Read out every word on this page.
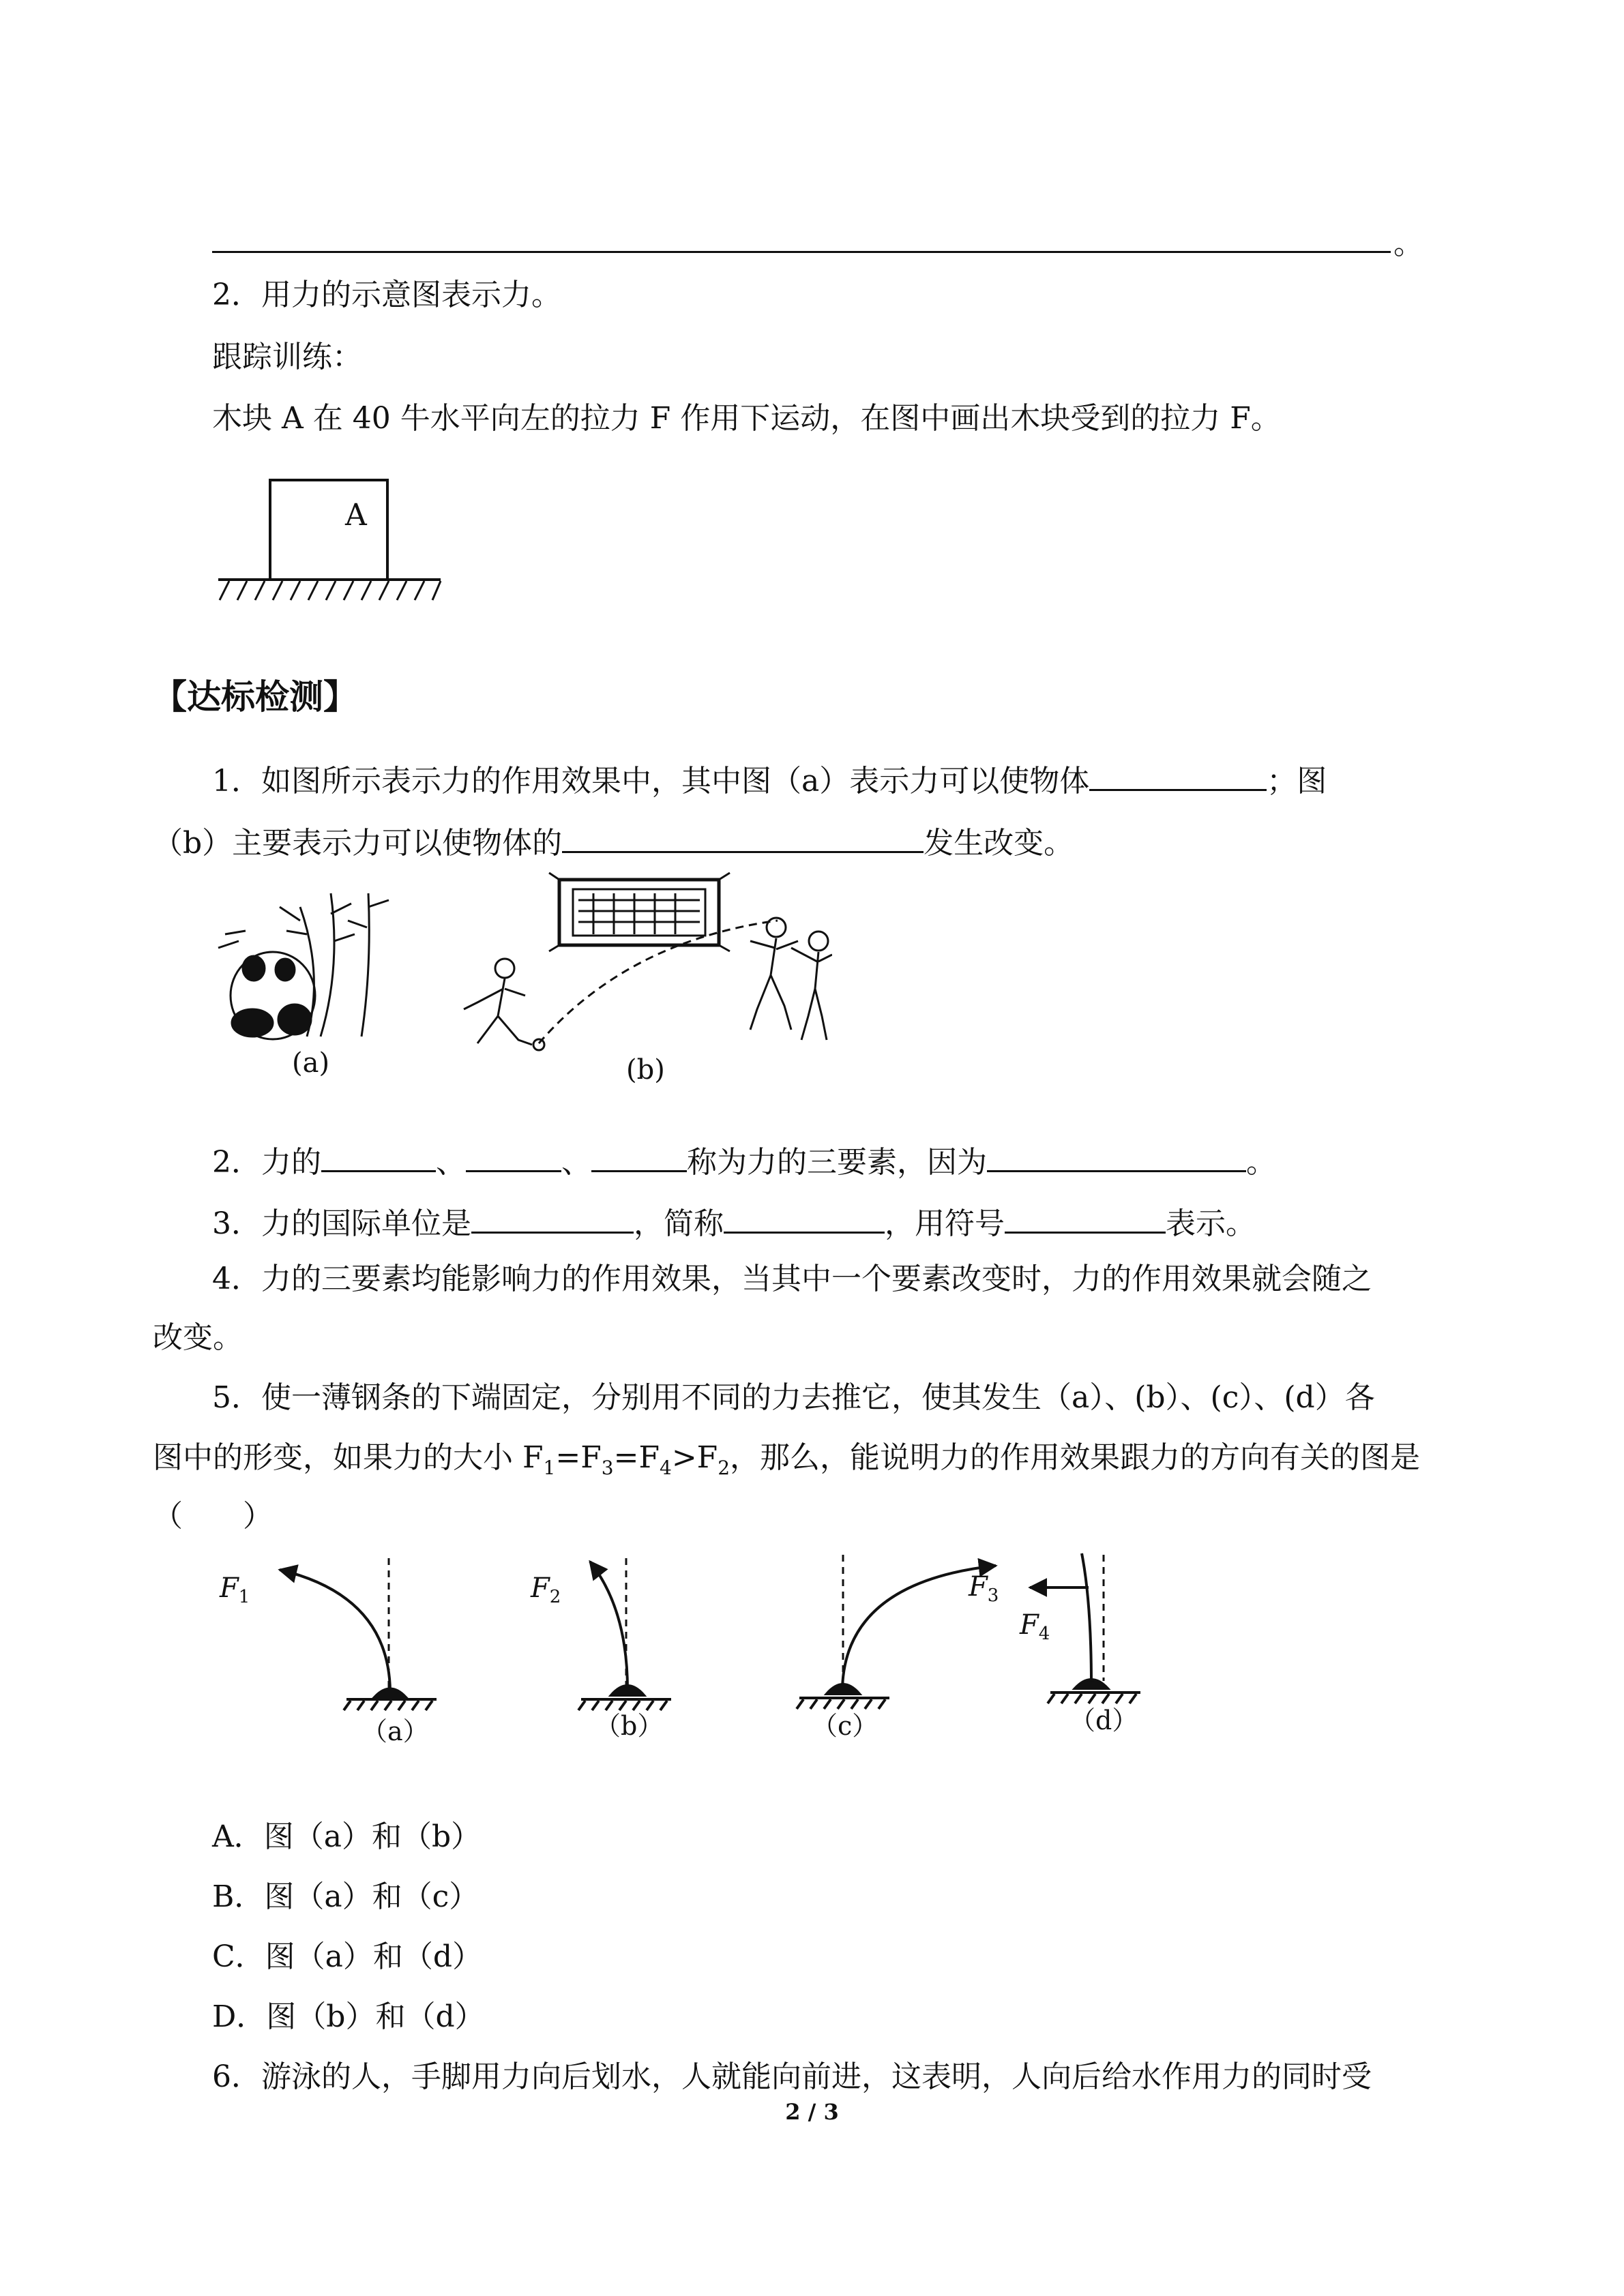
。
2．用力的示意图表示力。
跟踪训练：
木块 A 在 40 牛水平向左的拉力 F 作用下运动，在图中画出木块受到的拉力 F。
A
【达标检测】
1．如图所示表示力的作用效果中，其中图（a）表示力可以使物体	；图
（b）主要表示力可以使物体的	发生改变。
(a)	(b)
2．力的	、	、	称为力的三要素，因为	。
3．力的国际单位是	，简称	，用符号	表示。
4．力的三要素均能影响力的作用效果，当其中一个要素改变时，力的作用效果就会随之
改变。
5．使一薄钢条的下端固定，分别用不同的力去推它，使其发生（a）、(b）、(c）、(d）各
图中的形变，如果力的大小 $F_1=F_3=F_4>F_2$，那么，能说明力的作用效果跟力的方向有关的图是
（　　）
$F_1$	$F_2$	$F_3$
$F_4$
（a）	（b）	（c）	（d）
A．图（a）和（b）
B．图（a）和（c）
C．图（a）和（d）
D．图（b）和（d）
6．游泳的人，手脚用力向后划水，人就能向前进，这表明，人向后给水作用力的同时受
2 / 3
